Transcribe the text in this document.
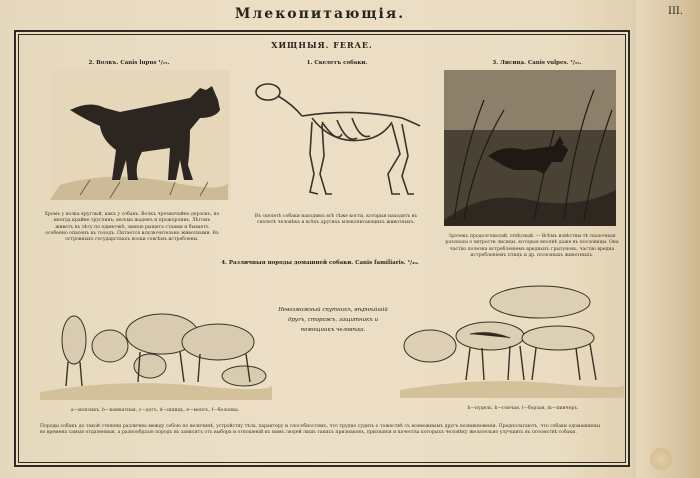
Млекопитающія.	III.
ХИЩНЫЯ. FERAE.
2. Волкъ. Canis lupus ¹/₁₅.
Хромъ у волка круглый, какъ у собакъ. Волкъ чрезвычайно дерзокъ, но иногда крайне трусливъ; весьма жаденъ и прожорливъ. Лѣтомъ живетъ въ лѣсу по одиночкѣ, зимою рыщетъ стаями и бываетъ особенно опасенъ въ голодъ. Питается исключительно животными. Въ островныхъ государствахъ волки совсѣмъ истреблены.
1. Скелетъ собаки.
Въ скелетѣ собаки находимъ всѣ тѣже кости, которыя находятъ въ скелетѣ человѣка и всѣхъ другихъ млекопитающихъ животныхъ.
3. Лисица. Canis vulpes. ¹/₁₅.
Зрачекъ продолговатый, отвѣсный. — Всѣмъ извѣстны тѣ сказочныя разсказы о хитрости лисицы, которыя вполнѣ даже въ пословицы. Она частію полезна истребленіемъ вредныхъ грызуновъ, частію вредна истребленіемъ птицъ и др. полезныхъ животныхъ.
4. Различныя породы домашней собаки. Canis familiaris. ¹/₄₀.
a—мопсикъ, b—комнатная, c—догъ, d—шпицъ, e—мопсъ, f—болонка.
Невозможный спутникъ, вѣрнѣйшій другъ, сторожъ, защитникъ и помощникъ человѣка.
h—пудель, k—гончая, l—борзая, m—пинчеръ.
Породы собакъ до такой степени различны между собою по величинѣ, устройству тѣла, характеру и способностямъ, что трудно судить о тожествѣ съ возможнымъ другъ возникновеніи. Предполагаютъ, что собаки одомашнены во времена самыя отдаленныя, а разнообразіе породъ въ зависитъ отъ выбора и отношеній къ нимъ людей лишь такихъ признаковъ, признанія и качества которыхъ человѣку желательно улучшить въ потомствѣ собаки.
